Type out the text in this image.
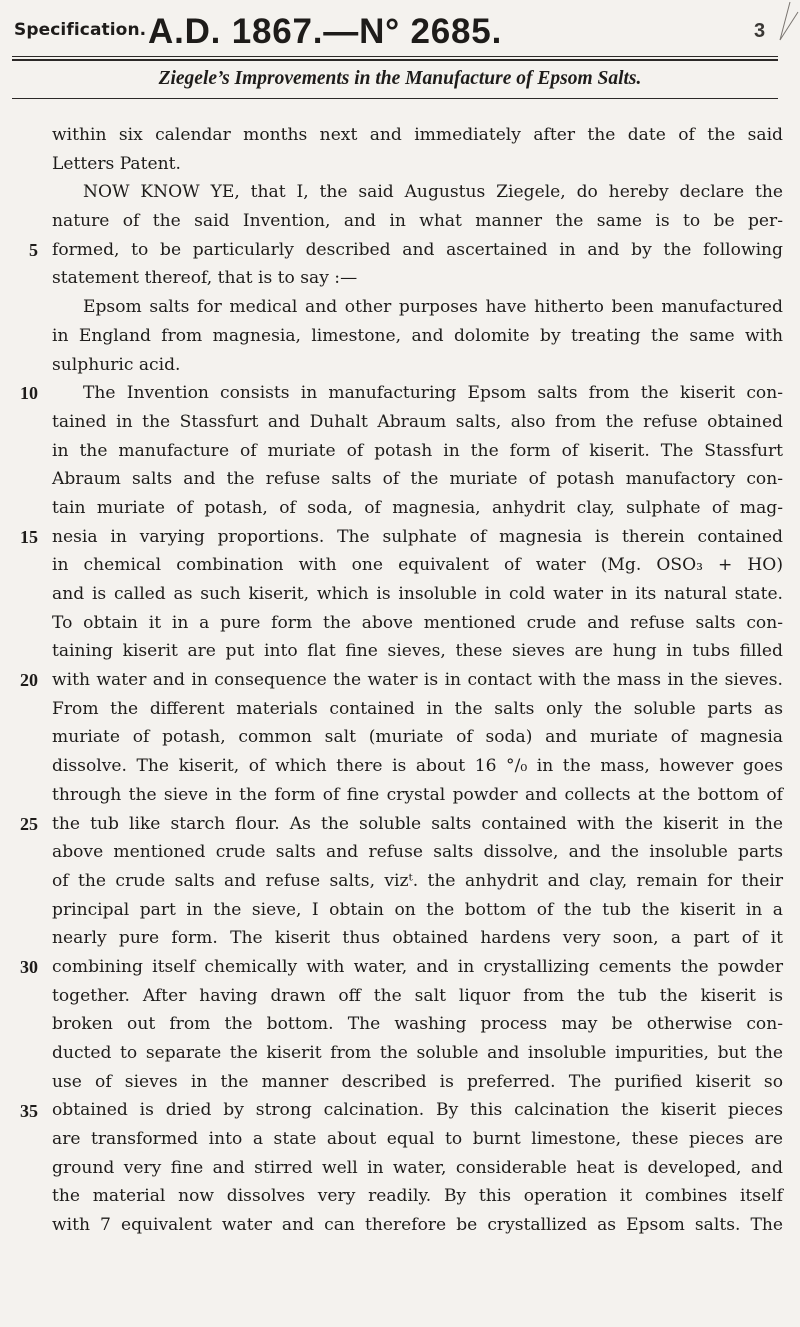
Specification. A.D. 1867.—N° 2685.	3
Ziegele’s Improvements in the Manufacture of Epsom Salts.
5
10
15
20
25
30
35
within six calendar months next and immediately after the date of the said
Letters Patent.
NOW KNOW YE, that I, the said Augustus Ziegele, do hereby declare the
nature of the said Invention, and in what manner the same is to be per-
formed, to be particularly described and ascertained in and by the following
statement thereof, that is to say :—
Epsom salts for medical and other purposes have hitherto been manufactured
in England from magnesia, limestone, and dolomite by treating the same with
sulphuric acid.
The Invention consists in manufacturing Epsom salts from the kiserit con-
tained in the Stassfurt and Duhalt Abraum salts, also from the refuse obtained
in the manufacture of muriate of potash in the form of kiserit. The Stassfurt
Abraum salts and the refuse salts of the muriate of potash manufactory con-
tain muriate of potash, of soda, of magnesia, anhydrit clay, sulphate of mag-
nesia in varying proportions. The sulphate of magnesia is therein contained
in chemical combination with one equivalent of water (Mg. OSO₃ + HO)
and is called as such kiserit, which is insoluble in cold water in its natural state.
To obtain it in a pure form the above mentioned crude and refuse salts con-
taining kiserit are put into flat fine sieves, these sieves are hung in tubs filled
with water and in consequence the water is in contact with the mass in the sieves.
From the different materials contained in the salts only the soluble parts as
muriate of potash, common salt (muriate of soda) and muriate of magnesia
dissolve. The kiserit, of which there is about 16 °/₀ in the mass, however goes
through the sieve in the form of fine crystal powder and collects at the bottom of
the tub like starch flour. As the soluble salts contained with the kiserit in the
above mentioned crude salts and refuse salts dissolve, and the insoluble parts
of the crude salts and refuse salts, vizᵗ. the anhydrit and clay, remain for their
principal part in the sieve, I obtain on the bottom of the tub the kiserit in a
nearly pure form. The kiserit thus obtained hardens very soon, a part of it
combining itself chemically with water, and in crystallizing cements the powder
together. After having drawn off the salt liquor from the tub the kiserit is
broken out from the bottom. The washing process may be otherwise con-
ducted to separate the kiserit from the soluble and insoluble impurities, but the
use of sieves in the manner described is preferred. The purified kiserit so
obtained is dried by strong calcination. By this calcination the kiserit pieces
are transformed into a state about equal to burnt limestone, these pieces are
ground very fine and stirred well in water, considerable heat is developed, and
the material now dissolves very readily. By this operation it combines itself
with 7 equivalent water and can therefore be crystallized as Epsom salts. The
